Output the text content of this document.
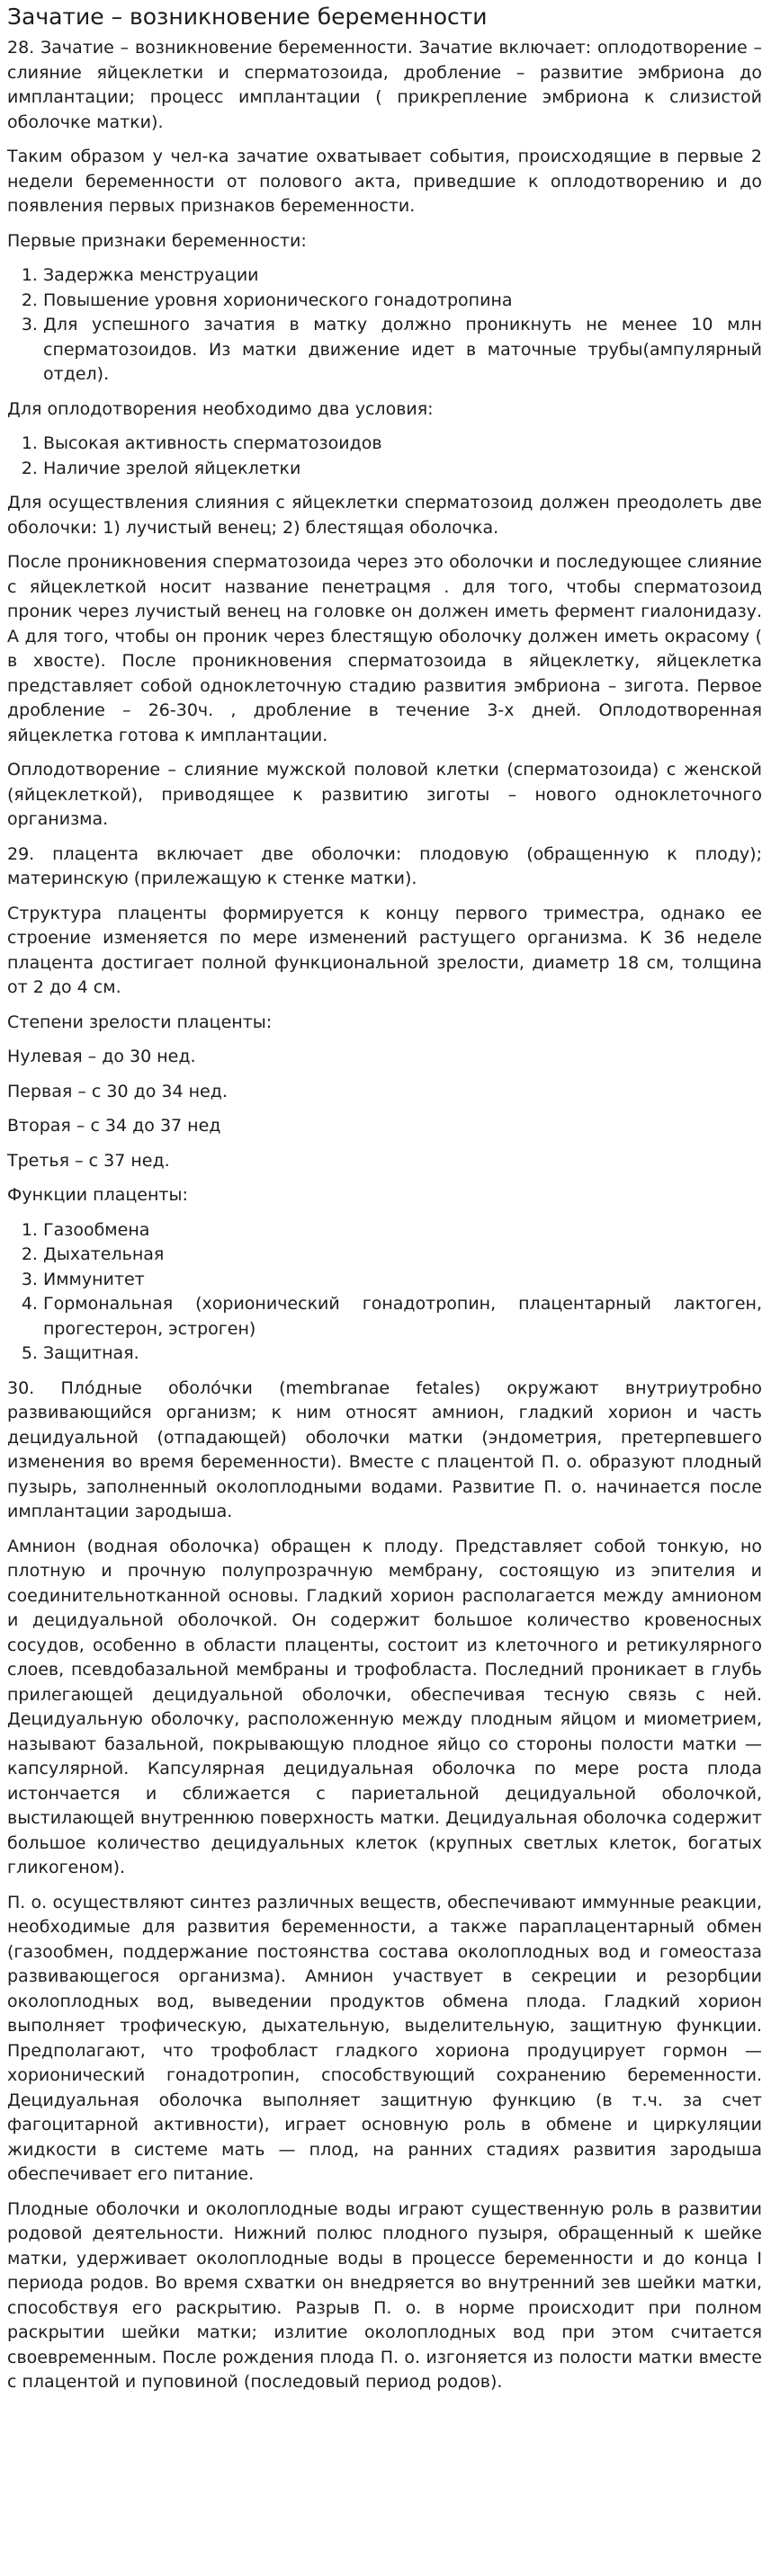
Зачатие – возникновение беременности

28. Зачатие – возникновение беременности. Зачатие включает: оплодотворение – слияние яйцеклетки и сперматозоида, дробление – развитие эмбриона до имплантации; процесс имплантации ( прикрепление эмбриона к слизистой оболочке матки).

Таким образом у чел-ка зачатие охватывает события, происходящие в первые 2 недели беременности от полового акта, приведшие к оплодотворению и до появления первых признаков беременности.

Первые признаки беременности:

1. Задержка менструации
2. Повышение уровня хорионического гонадотропина
3. Для успешного зачатия в матку должно проникнуть не менее 10 млн сперматозоидов. Из матки движение идет в маточные трубы(ампулярный отдел).

Для оплодотворения необходимо два условия:

1. Высокая активность сперматозоидов
2. Наличие зрелой яйцеклетки

Для осуществления слияния с яйцеклетки сперматозоид должен преодолеть две оболочки: 1) лучистый венец; 2) блестящая оболочка.

После проникновения сперматозоида через это оболочки и последующее слияние с яйцеклеткой носит название пенетрацмя . для того, чтобы сперматозоид проник через лучистый венец на головке он должен иметь фермент гиалонидазу. А для того, чтобы он проник через блестящую оболочку должен иметь окрасому ( в хвосте). После проникновения сперматозоида в яйцеклетку, яйцеклетка представляет собой одноклеточную стадию развития эмбриона – зигота. Первое дробление – 26-30ч. , дробление в течение 3-х дней. Оплодотворенная яйцеклетка готова к имплантации.

Оплодотворение – слияние мужской половой клетки (сперматозоида) с женской (яйцеклеткой), приводящее к развитию зиготы – нового одноклеточного организма.

29. плацента включает две оболочки: плодовую (обращенную к плоду); материнскую (прилежащую к стенке матки).

Структура плаценты формируется к концу первого триместра, однако ее строение изменяется по мере изменений растущего организма. К 36 неделе плацента достигает полной функциональной зрелости, диаметр 18 см, толщина от 2 до 4 см.

Степени зрелости плаценты:

Нулевая – до 30 нед.

Первая – с 30 до 34 нед.

Вторая – с 34 до 37 нед

Третья – с 37 нед.

Функции плаценты:

1. Газообмена
2. Дыхательная
3. Иммунитет
4. Гормональная (хорионический гонадотропин, плацентарный лактоген, прогестерон, эстроген)
5. Защитная.

30. Пло́дные оболо́чки (membranae fetales) окружают внутриутробно развивающийся организм; к ним относят амнион, гладкий хорион и часть децидуальной (отпадающей) оболочки матки (эндометрия, претерпевшего изменения во время беременности). Вместе с плацентой П. о. образуют плодный пузырь, заполненный околоплодными водами. Развитие П. о. начинается после имплантации зародыша.

Амнион (водная оболочка) обращен к плоду. Представляет собой тонкую, но плотную и прочную полупрозрачную мембрану, состоящую из эпителия и соединительнотканной основы. Гладкий хорион располагается между амнионом и децидуальной оболочкой. Он содержит большое количество кровеносных сосудов, особенно в области плаценты, состоит из клеточного и ретикулярного слоев, псевдобазальной мембраны и трофобласта. Последний проникает в глубь прилегающей децидуальной оболочки, обеспечивая тесную связь с ней. Децидуальную оболочку, расположенную между плодным яйцом и миометрием, называют базальной, покрывающую плодное яйцо со стороны полости матки — капсулярной. Капсулярная децидуальная оболочка по мере роста плода истончается и сближается с париетальной децидуальной оболочкой, выстилающей внутреннюю поверхность матки. Децидуальная оболочка содержит большое количество децидуальных клеток (крупных светлых клеток, богатых гликогеном).

П. о. осуществляют синтез различных веществ, обеспечивают иммунные реакции, необходимые для развития беременности, а также параплацентарный обмен (газообмен, поддержание постоянства состава околоплодных вод и гомеостаза развивающегося организма). Амнион участвует в секреции и резорбции околоплодных вод, выведении продуктов обмена плода. Гладкий хорион выполняет трофическую, дыхательную, выделительную, защитную функции. Предполагают, что трофобласт гладкого хориона продуцирует гормон — хорионический гонадотропин, способствующий сохранению беременности. Децидуальная оболочка выполняет защитную функцию (в т.ч. за счет фагоцитарной активности), играет основную роль в обмене и циркуляции жидкости в системе мать — плод, на ранних стадиях развития зародыша обеспечивает его питание.

Плодные оболочки и околоплодные воды играют существенную роль в развитии родовой деятельности. Нижний полюс плодного пузыря, обращенный к шейке матки, удерживает околоплодные воды в процессе беременности и до конца I периода родов. Во время схватки он внедряется во внутренний зев шейки матки, способствуя его раскрытию. Разрыв П. о. в норме происходит при полном раскрытии шейки матки; излитие околоплодных вод при этом считается своевременным. После рождения плода П. о. изгоняется из полости матки вместе с плацентой и пуповиной (последовый период родов).
